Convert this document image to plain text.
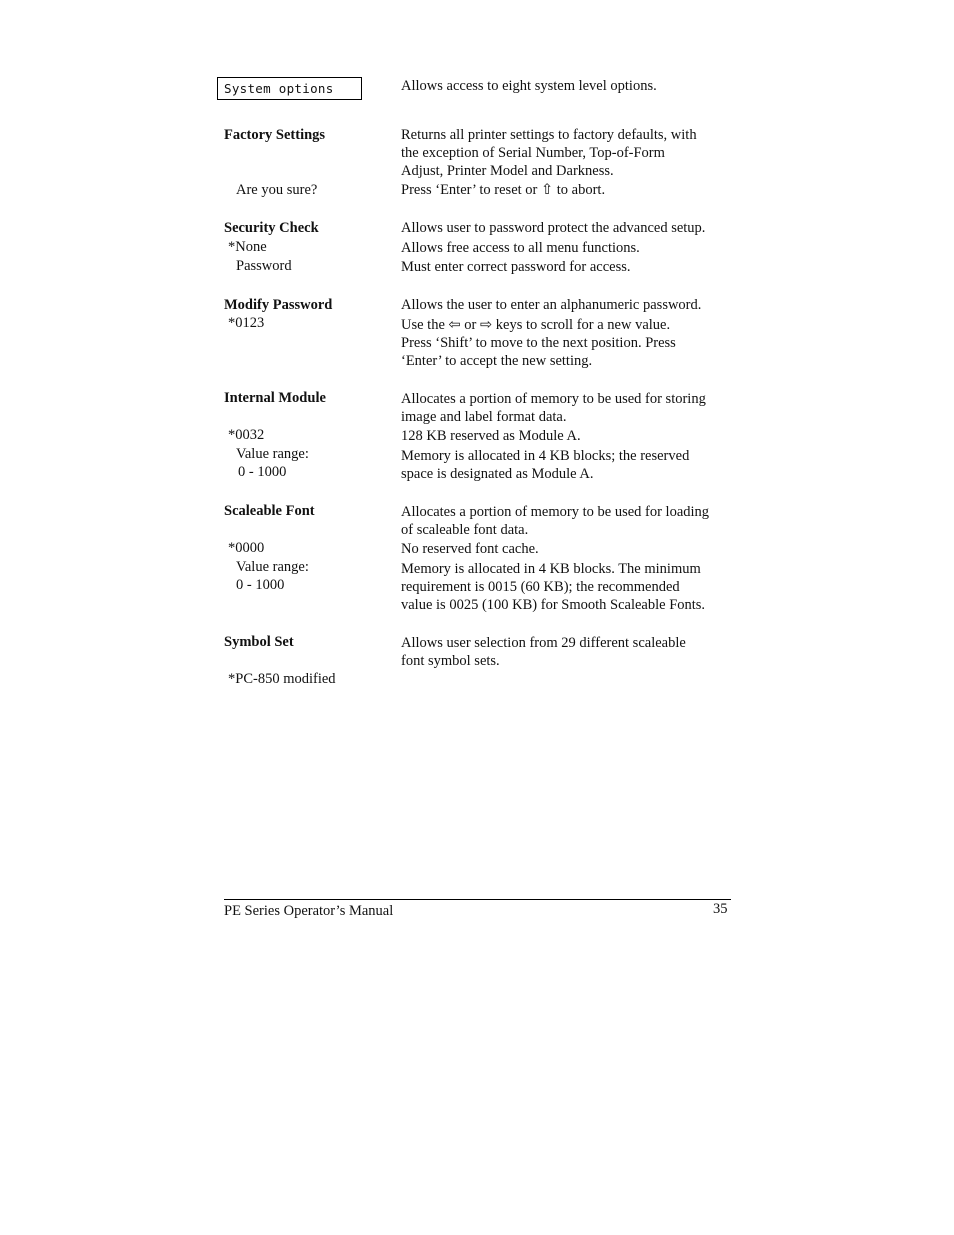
System options	Allows access to eight system level options.
Factory Settings	Returns all printer settings to factory defaults, with
the exception of Serial Number, Top-of-Form
Adjust, Printer Model and Darkness.
Are you sure?	Press ‘Enter’ to reset or ⇧ to abort.
Security Check	Allows user to password protect the advanced setup.
*None	Allows free access to all menu functions.
Password	Must enter correct password for access.
Modify Password	Allows the user to enter an alphanumeric password.
*0123	Use the ⇦ or ⇨ keys to scroll for a new value.
Press ‘Shift’ to move to the next position. Press
‘Enter’ to accept the new setting.
Internal Module	Allocates a portion of memory to be used for storing
image and label format data.
*0032	128 KB reserved as Module A.
Value range:	Memory is allocated in 4 KB blocks; the reserved
0 - 1000	space is designated as Module A.
Scaleable Font	Allocates a portion of memory to be used for loading
of scaleable font data.
*0000	No reserved font cache.
Value range:	Memory is allocated in 4 KB blocks. The minimum
0 - 1000	requirement is 0015 (60 KB); the recommended
value is 0025 (100 KB) for Smooth Scaleable Fonts.
Symbol Set	Allows user selection from 29 different scaleable
font symbol sets.
*PC-850 modified
PE Series Operator’s Manual	35
